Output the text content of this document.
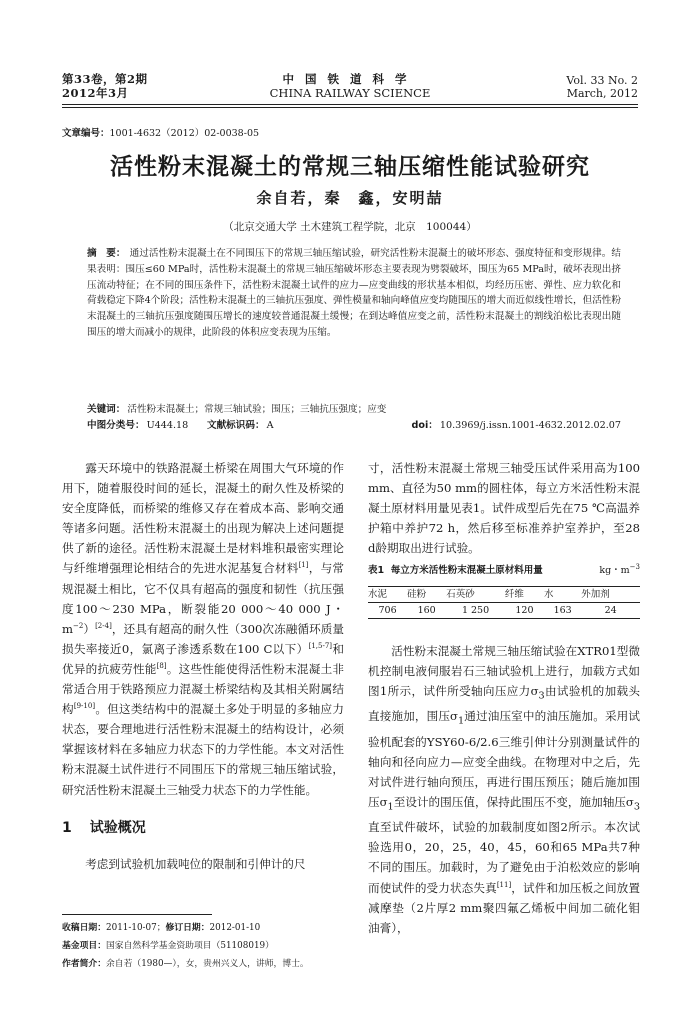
第33卷，第2期
2012年3月
中国铁道科学
CHINA RAILWAY SCIENCE
Vol. 33 No. 2
March, 2012
文章编号：1001-4632（2012）02-0038-05
活性粉末混凝土的常规三轴压缩性能试验研究
余自若，秦　鑫，安明喆
（北京交通大学 土木建筑工程学院，北京　100044）
摘　要： 通过活性粉末混凝土在不同围压下的常规三轴压缩试验，研究活性粉末混凝土的破坏形态、强度特征和变形规律。结果表明：围压≤60 MPa时，活性粉末混凝土的常规三轴压缩破坏形态主要表现为劈裂破坏，围压为65 MPa时，破坏表现出挤压流动特征；在不同的围压条件下，活性粉末混凝土试件的应力—应变曲线的形状基本相似，均经历压密、弹性、应力软化和荷载稳定下降4个阶段；活性粉末混凝土的三轴抗压强度、弹性模量和轴向峰值应变均随围压的增大而近似线性增长，但活性粉末混凝土的三轴抗压强度随围压增长的速度较普通混凝土缓慢；在到达峰值应变之前，活性粉末混凝土的割线泊松比表现出随围压的增大而减小的规律，此阶段的体积应变表现为压缩。
关键词： 活性粉末混凝土；常规三轴试验；围压；三轴抗压强度；应变
中图分类号： U444.18 文献标识码： A	doi： 10.3969/j.issn.1001-4632.2012.02.07

露天环境中的铁路混凝土桥梁在周围大气环境的作用下，随着服役时间的延长，混凝土的耐久性及桥梁的安全度降低，而桥梁的维修又存在着成本高、影响交通等诸多问题。活性粉末混凝土的出现为解决上述问题提供了新的途径。活性粉末混凝土是材料堆积最密实理论与纤维增强理论相结合的先进水泥基复合材料[1]，与常规混凝土相比，它不仅具有超高的强度和韧性（抗压强度100～230 MPa，断裂能20 000～40 000 J・$m^{-2})[2-4]$，还具有超高的耐久性（300次冻融循环质量损失率接近0，氯离子渗透系数在100 C以下）[1,5-7]和优异的抗疲劳性能[8]。这些性能使得活性粉末混凝土非常适合用于铁路预应力混凝土桥梁结构及其相关附属结构[9-10]。但这类结构中的混凝土多处于明显的多轴应力状态，要合理地进行活性粉末混凝土的结构设计，必须掌握该材料在多轴应力状态下的力学性能。本文对活性粉末混凝土试件进行不同围压下的常规三轴压缩试验，研究活性粉末混凝土三轴受力状态下的力学性能。

1 试验概况

考虑到试验机加载吨位的限制和引伸计的尺

寸，活性粉末混凝土常规三轴受压试件采用高为100 mm、直径为50 mm的圆柱体，每立方米活性粉末混凝土原材料用量见表1。试件成型后先在75 ℃高温养护箱中养护72 h，然后移至标准养护室养护，至28 d龄期取出进行试验。

表1 每立方米活性粉末混凝土原材料用量	kg・$m^{-3}$
水泥	硅粉	石英砂	纤维	水	外加剂
706	160	1 250	120	163	24

活性粉末混凝土常规三轴压缩试验在XTR01型微机控制电液伺服岩石三轴试验机上进行，加载方式如图1所示，试件所受轴向压应力$\sigma_3$由试验机的加载头直接施加，围压$\sigma_1$通过油压室中的油压施加。采用试验机配套的YSY60-6/2.6三维引伸计分别测量试件的轴向和径向应力—应变全曲线。在物理对中之后，先对试件进行轴向预压，再进行围压预压；随后施加围压$\sigma_1$至设计的围压值，保持此围压不变，施加轴压$\sigma_3$直至试件破坏，试验的加载制度如图2所示。本次试验选用0，20，25，40，45，60和65 MPa共7种不同的围压。加载时，为了避免由于泊松效应的影响而使试件的受力状态失真[11]，试件和加压板之间放置减摩垫（2片厚2 mm聚四氟乙烯板中间加二硫化钼油膏），

收稿日期：2011-10-07；修订日期：2012-01-10
基金项目：国家自然科学基金资助项目（51108019）
作者简介：余自若（1980—），女，贵州兴义人，讲师，博士。
